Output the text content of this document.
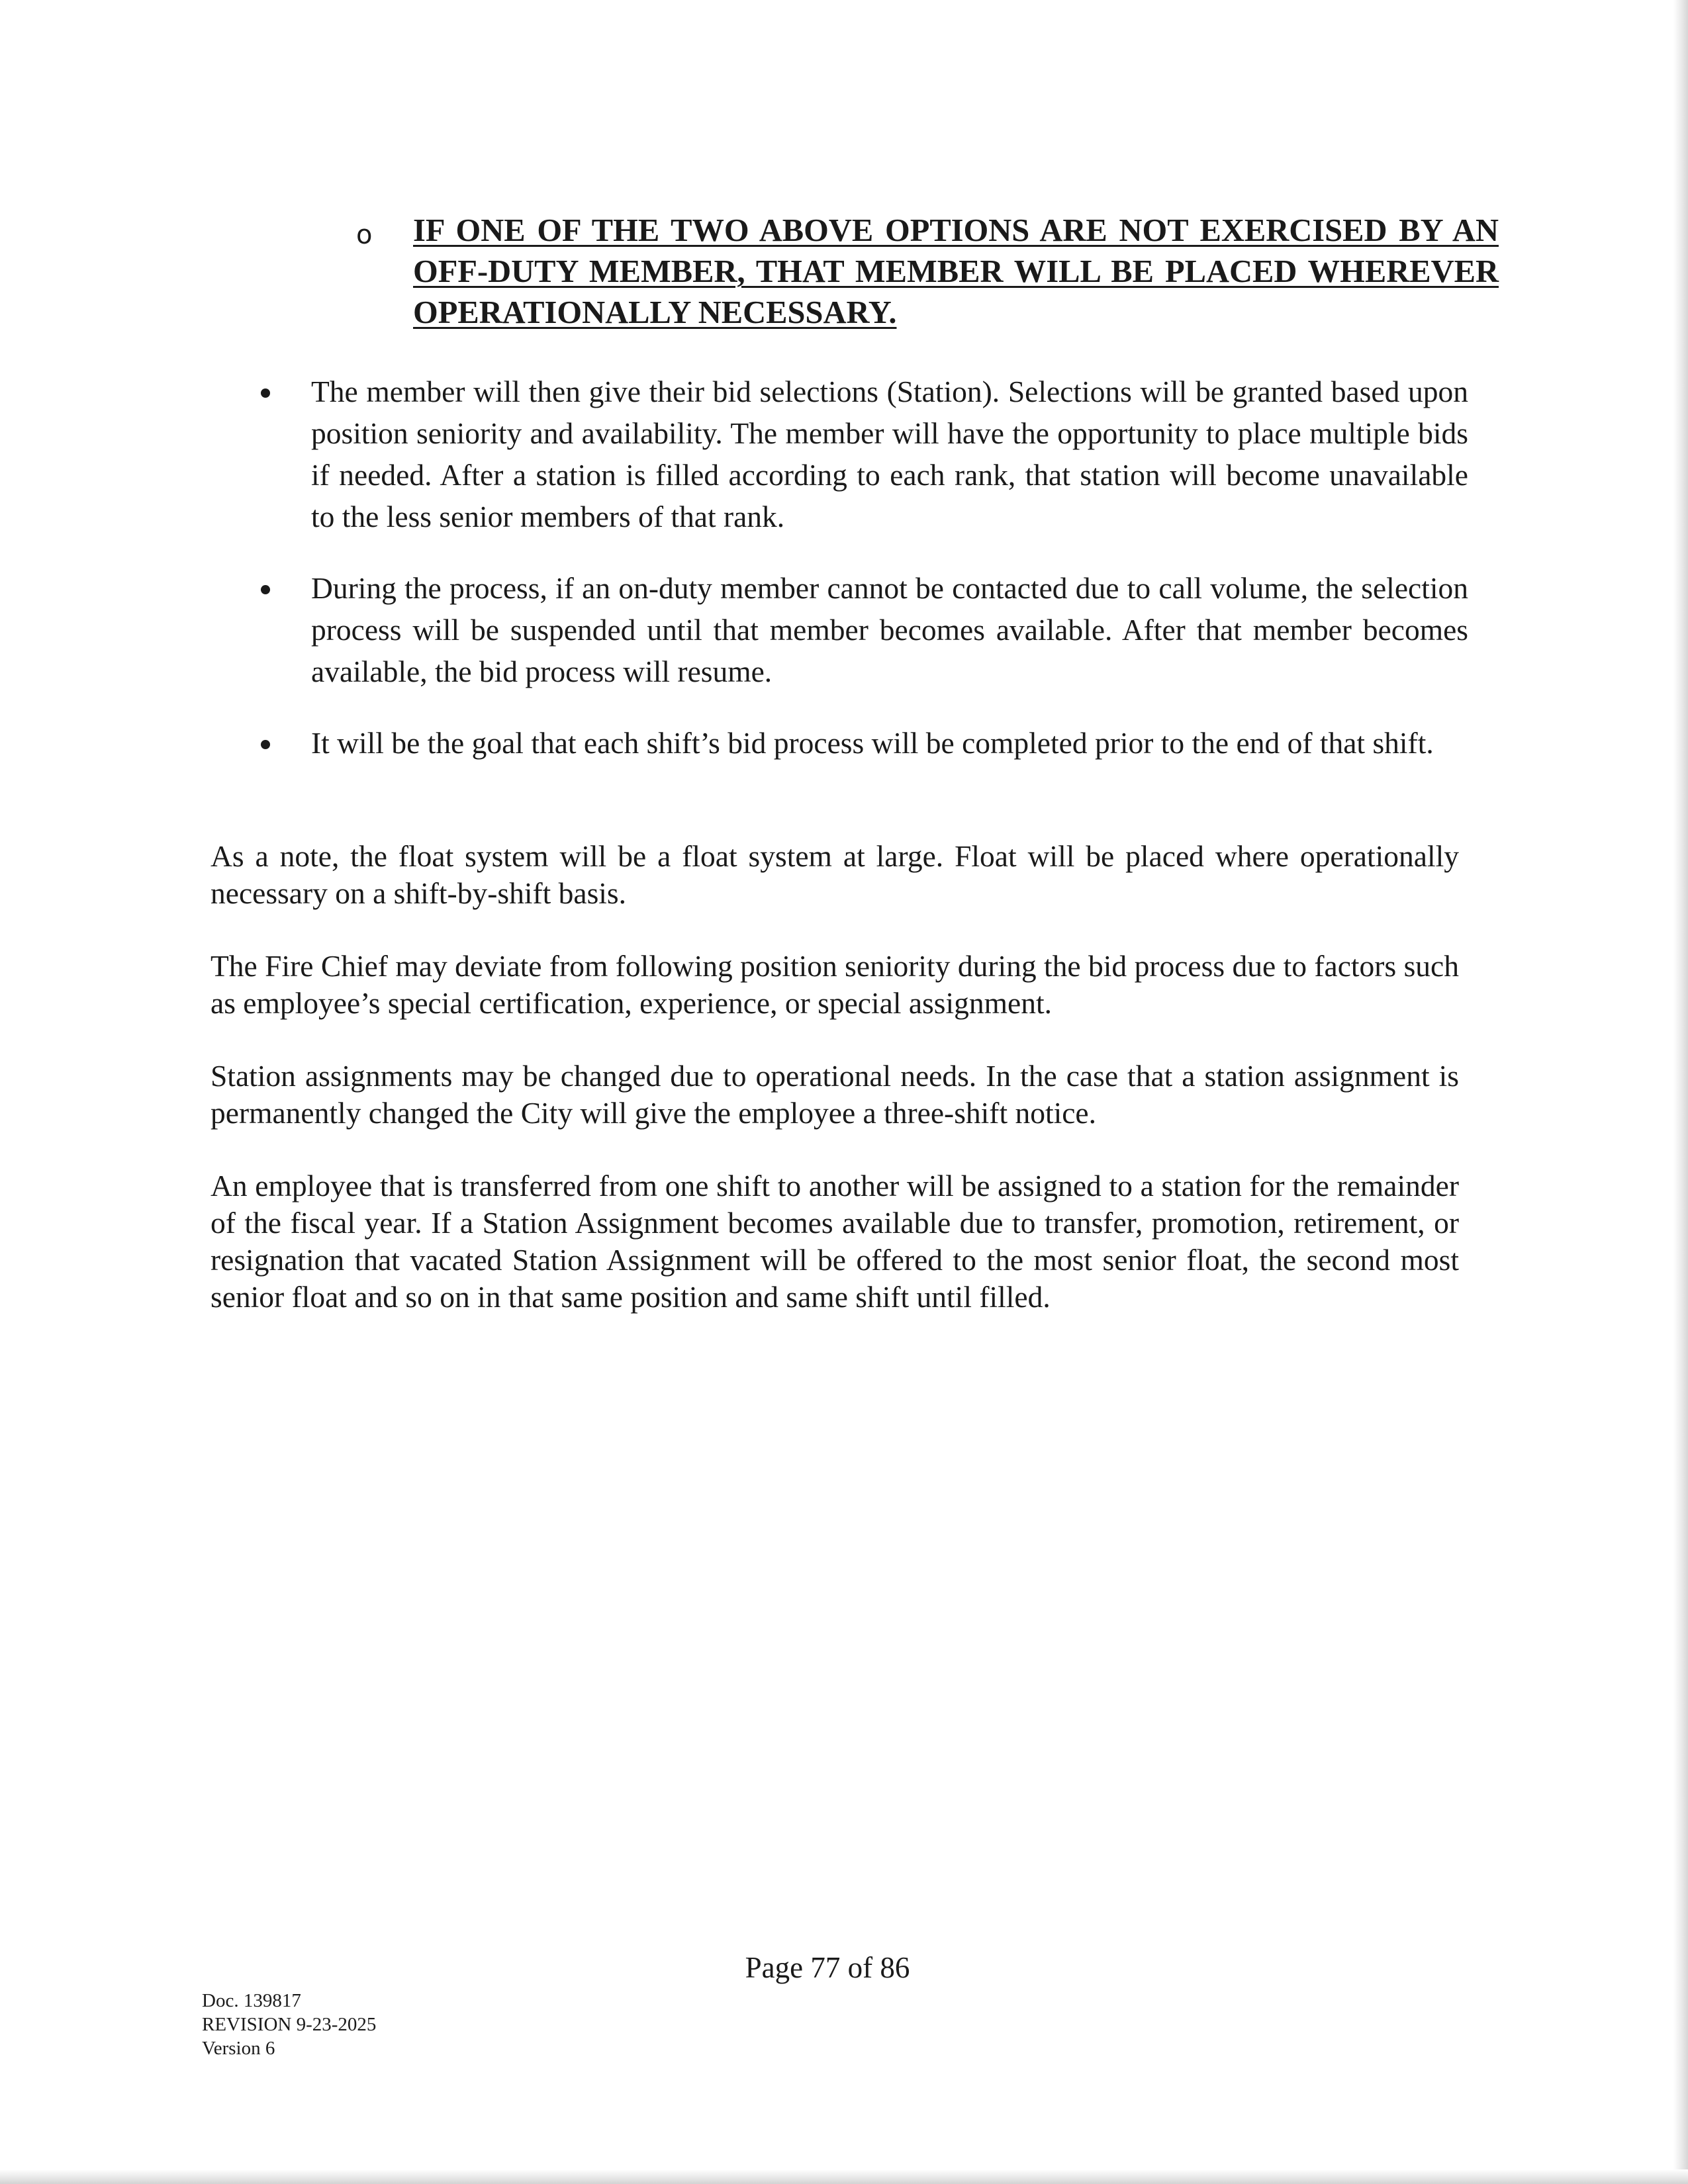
o IF ONE OF THE TWO ABOVE OPTIONS ARE NOT EXERCISED BY AN OFF-DUTY MEMBER, THAT MEMBER WILL BE PLACED WHEREVER OPERATIONALLY NECESSARY.
The member will then give their bid selections (Station). Selections will be granted based upon position seniority and availability. The member will have the opportunity to place multiple bids if needed. After a station is filled according to each rank, that station will become unavailable to the less senior members of that rank.
During the process, if an on-duty member cannot be contacted due to call volume, the selection process will be suspended until that member becomes available. After that member becomes available, the bid process will resume.
It will be the goal that each shift’s bid process will be completed prior to the end of that shift.

As a note, the float system will be a float system at large. Float will be placed where operationally necessary on a shift-by-shift basis.

The Fire Chief may deviate from following position seniority during the bid process due to factors such as employee’s special certification, experience, or special assignment.

Station assignments may be changed due to operational needs. In the case that a station assignment is permanently changed the City will give the employee a three-shift notice.

An employee that is transferred from one shift to another will be assigned to a station for the remainder of the fiscal year. If a Station Assignment becomes available due to transfer, promotion, retirement, or resignation that vacated Station Assignment will be offered to the most senior float, the second most senior float and so on in that same position and same shift until filled.

Page 77 of 86
Doc. 139817
REVISION 9-23-2025
Version 6
